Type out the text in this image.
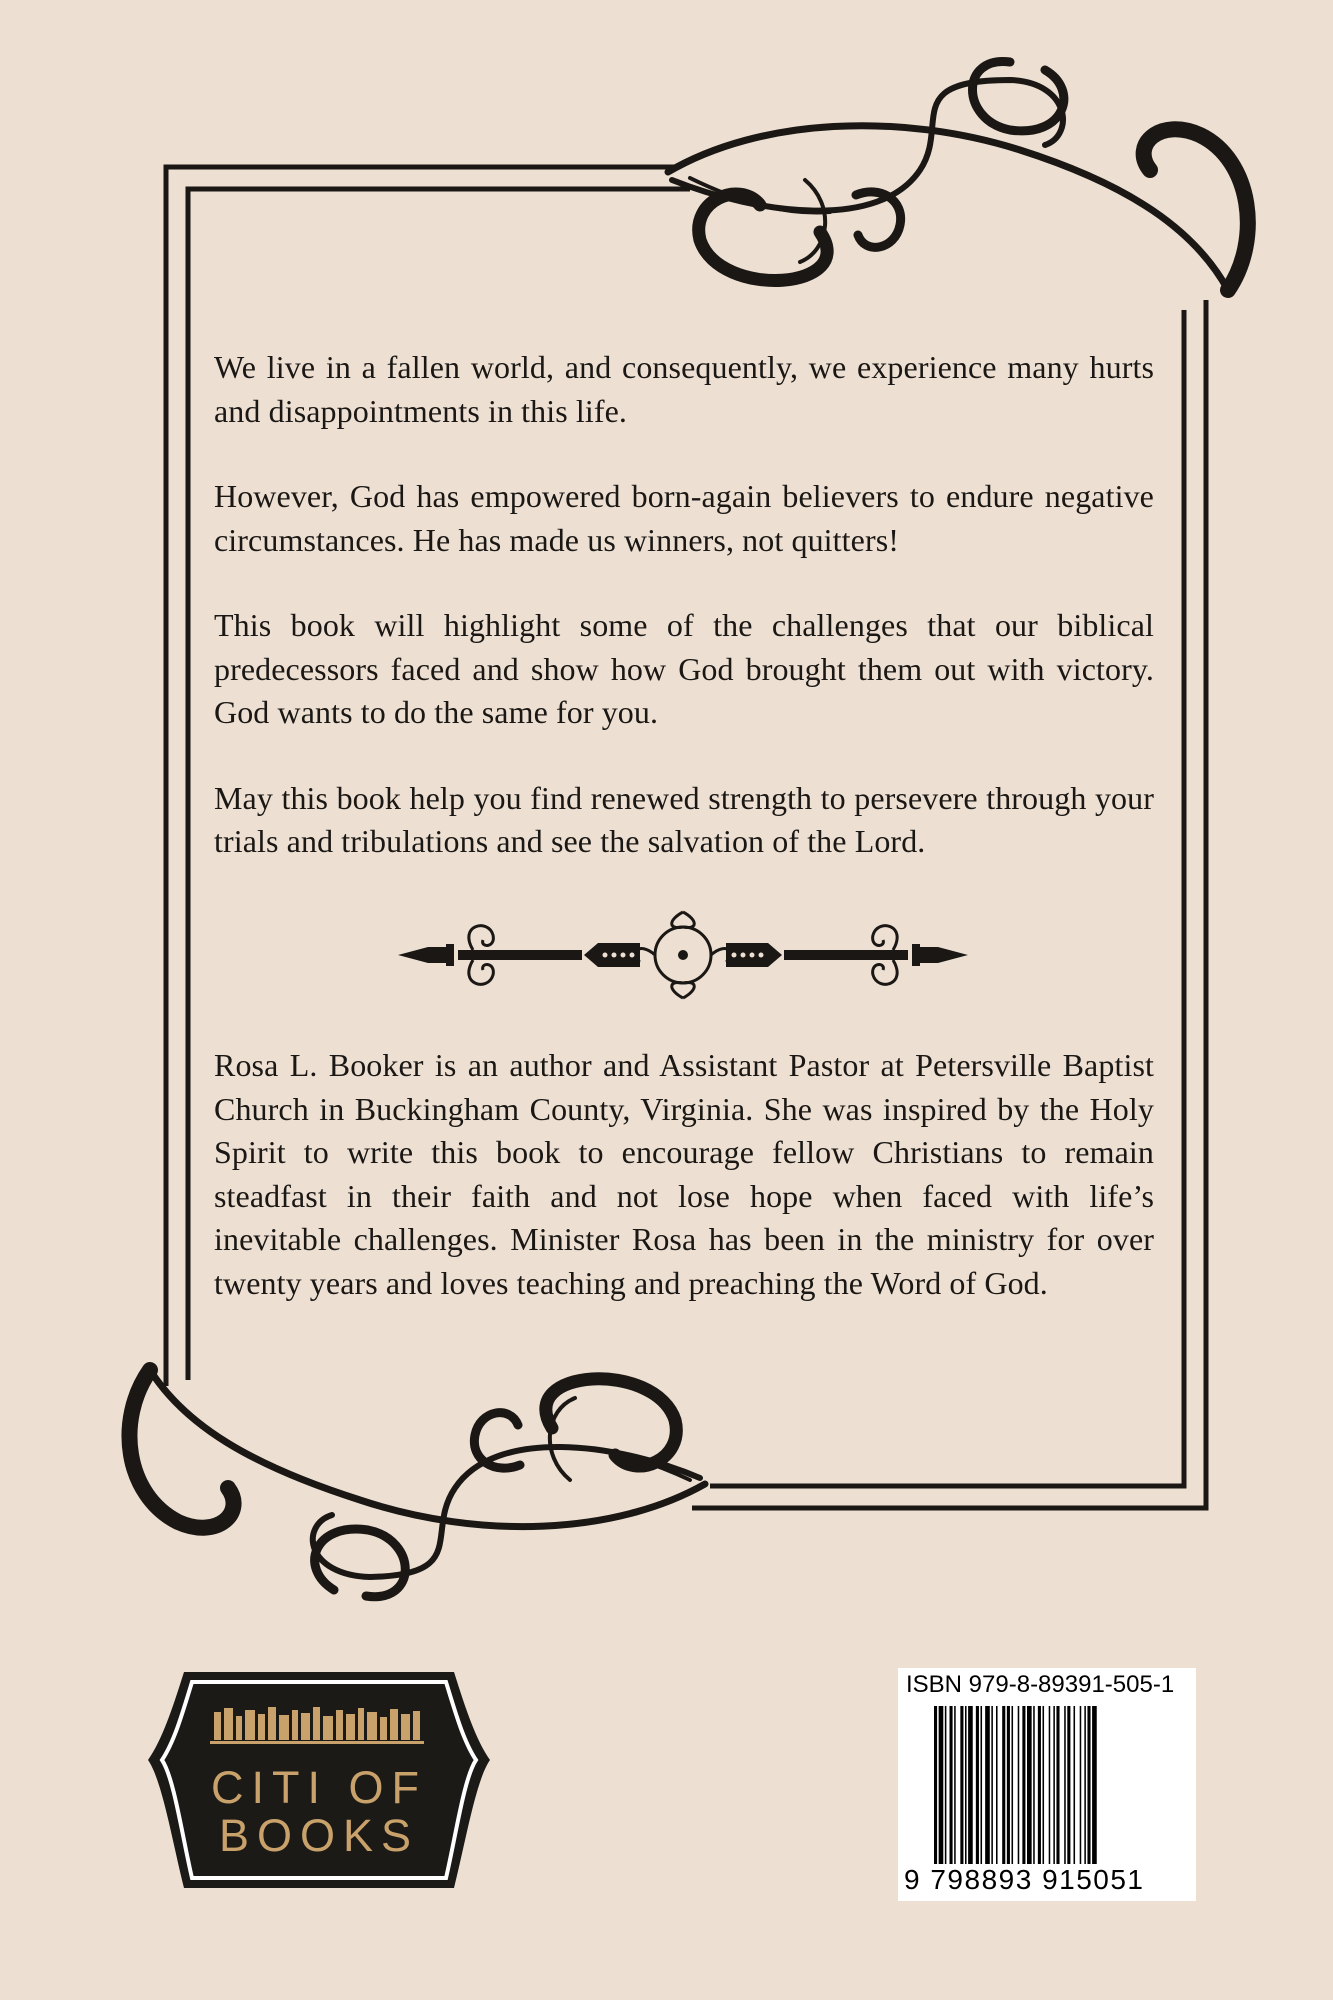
We live in a fallen world, and consequently, we experience many hurts and disappointments in this life.

However, God has empowered born-again believers to endure negative circumstances. He has made us winners, not quitters!

This book will highlight some of the challenges that our biblical predecessors faced and show how God brought them out with victory. God wants to do the same for you.

May this book help you find renewed strength to persevere through your trials and tribulations and see the salvation of the Lord.

Rosa L. Booker is an author and Assistant Pastor at Petersville Baptist Church in Buckingham County, Virginia. She was inspired by the Holy Spirit to write this book to encourage fellow Christians to remain steadfast in their faith and not lose hope when faced with life’s inevitable challenges. Minister Rosa has been in the ministry for over twenty years and loves teaching and preaching the Word of God.

CITI OF
BOOKS
ISBN 979-8-89391-505-1
9 798893 915051
